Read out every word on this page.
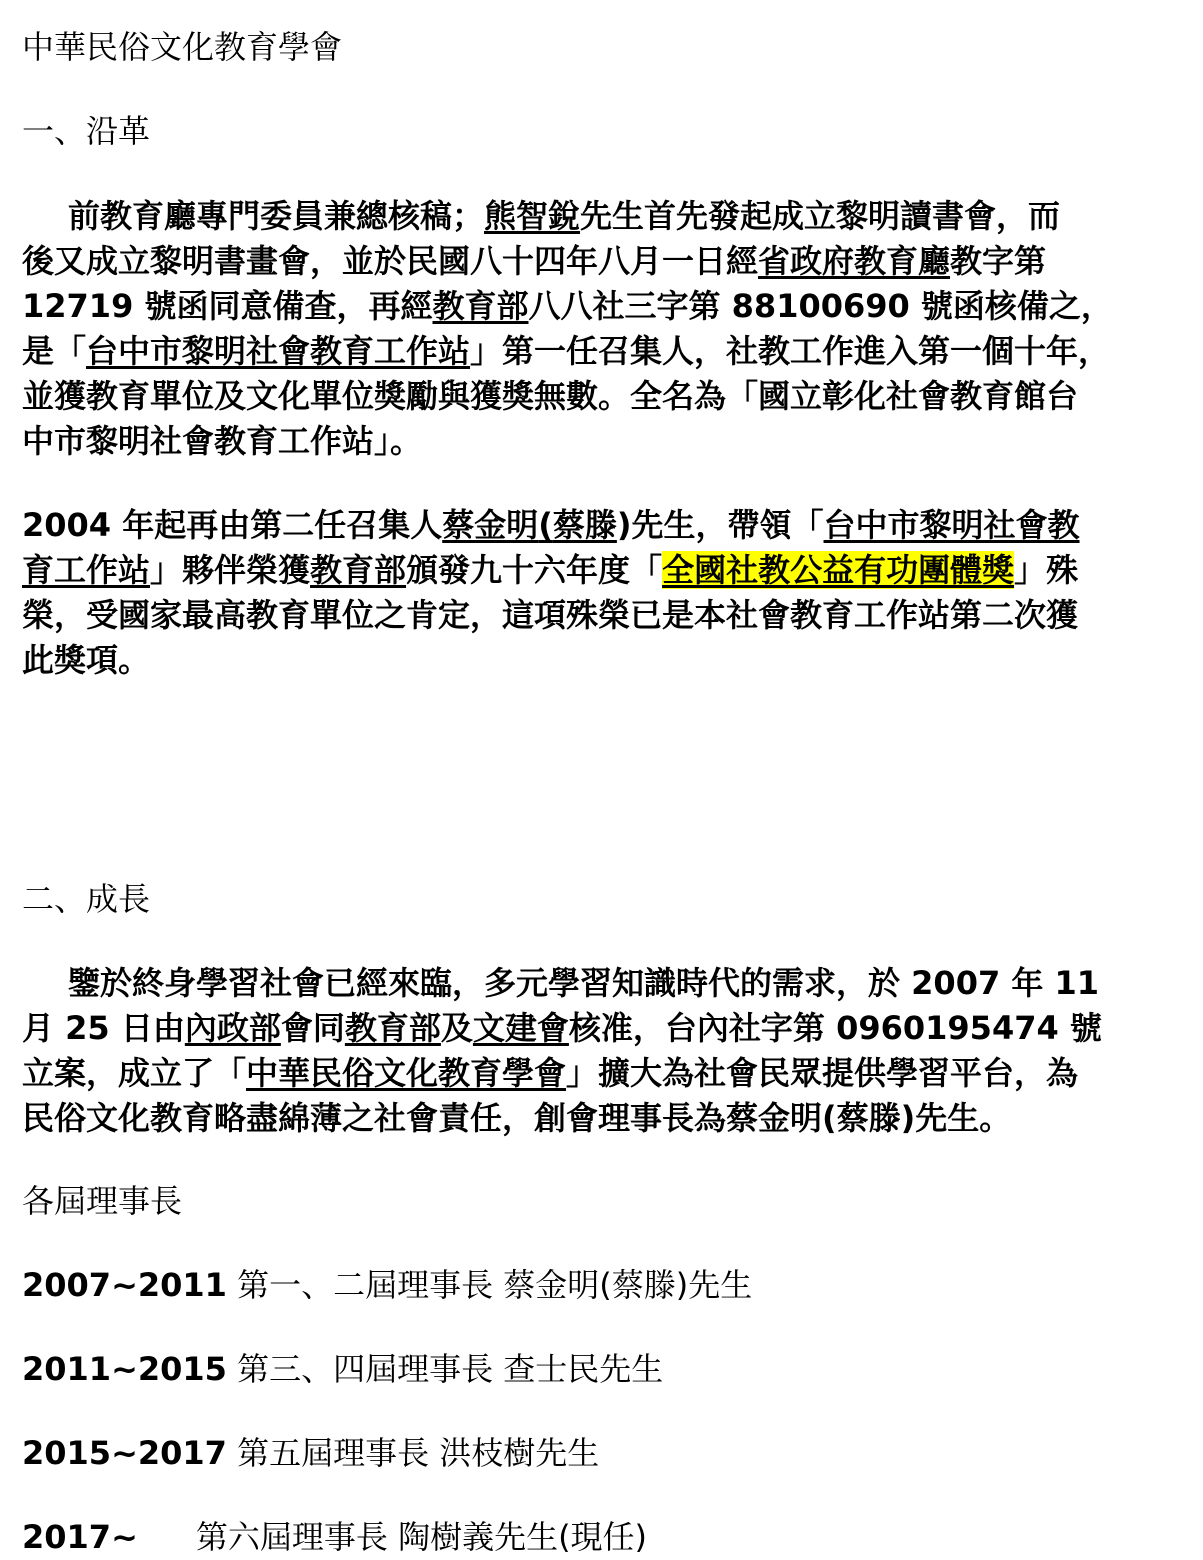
中華民俗文化教育學會
一、沿革
前教育廳專門委員兼總核稿；熊智銳先生首先發起成立黎明讀書會，而
後又成立黎明書畫會，並於民國八十四年八月一日經省政府教育廳教字第
12719 號函同意備查，再經教育部八八社三字第 88100690 號函核備之，
是「台中市黎明社會教育工作站」第一任召集人，社教工作進入第一個十年，
並獲教育單位及文化單位獎勵與獲獎無數。全名為「國立彰化社會教育館台
中市黎明社會教育工作站」。
2004 年起再由第二任召集人蔡金明(蔡滕)先生，帶領「台中市黎明社會教
育工作站」夥伴榮獲教育部頒發九十六年度「全國社教公益有功團體獎」殊
榮，受國家最高教育單位之肯定，這項殊榮已是本社會教育工作站第二次獲
此獎項。
二、成長
鑒於終身學習社會已經來臨，多元學習知識時代的需求，於 2007 年 11
月 25 日由內政部會同教育部及文建會核准，台內社字第 0960195474 號
立案，成立了「中華民俗文化教育學會」擴大為社會民眾提供學習平台，為
民俗文化教育略盡綿薄之社會責任，創會理事長為蔡金明(蔡滕)先生。
各屆理事長
2007~2011 第一、二屆理事長 蔡金明(蔡滕)先生
2011~2015 第三、四屆理事長 查士民先生
2015~2017 第五屆理事長 洪枝樹先生
2017~ 第六屆理事長 陶樹義先生(現任)
